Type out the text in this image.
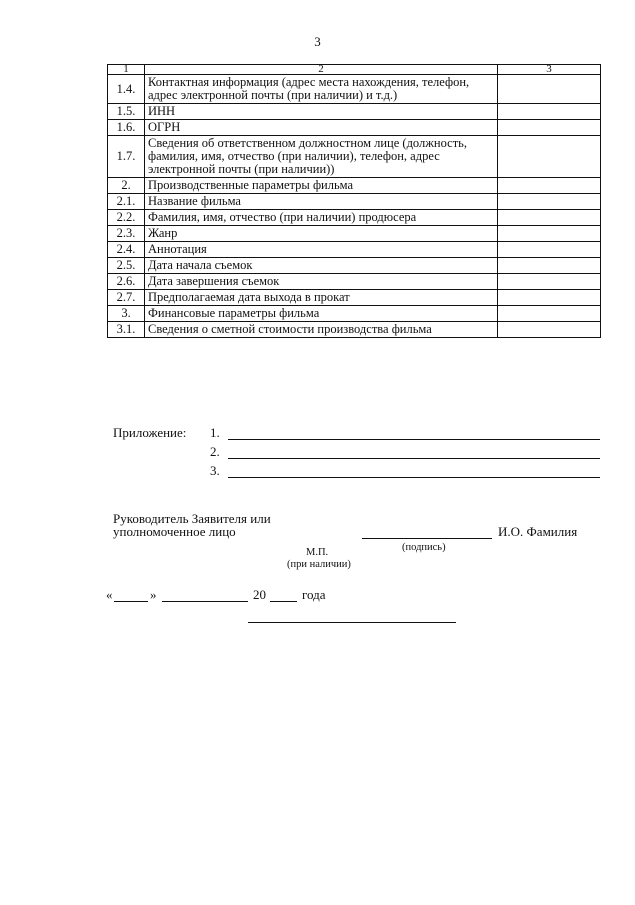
3
1	2	3
1.4.	Контактная информация (адрес места нахождения, телефон, адрес электронной почты (при наличии) и т.д.)	
1.5.	ИНН	
1.6.	ОГРН	
1.7.	Сведения об ответственном должностном лице (должность, фамилия, имя, отчество (при наличии), телефон, адрес электронной почты (при наличии))	
2.	Производственные параметры фильма	
2.1.	Название фильма	
2.2.	Фамилия, имя, отчество (при наличии) продюсера	
2.3.	Жанр	
2.4.	Аннотация	
2.5.	Дата начала съемок	
2.6.	Дата завершения съемок	
2.7.	Предполагаемая дата выхода в прокат	
3.	Финансовые параметры фильма	
3.1.	Сведения о сметной стоимости производства фильма	
Приложение: 1.
2.
3.
Руководитель Заявителя или
уполномоченное лицо	И.О. Фамилия
(подпись)
М.П.
(при наличии)
«	»	20	года
